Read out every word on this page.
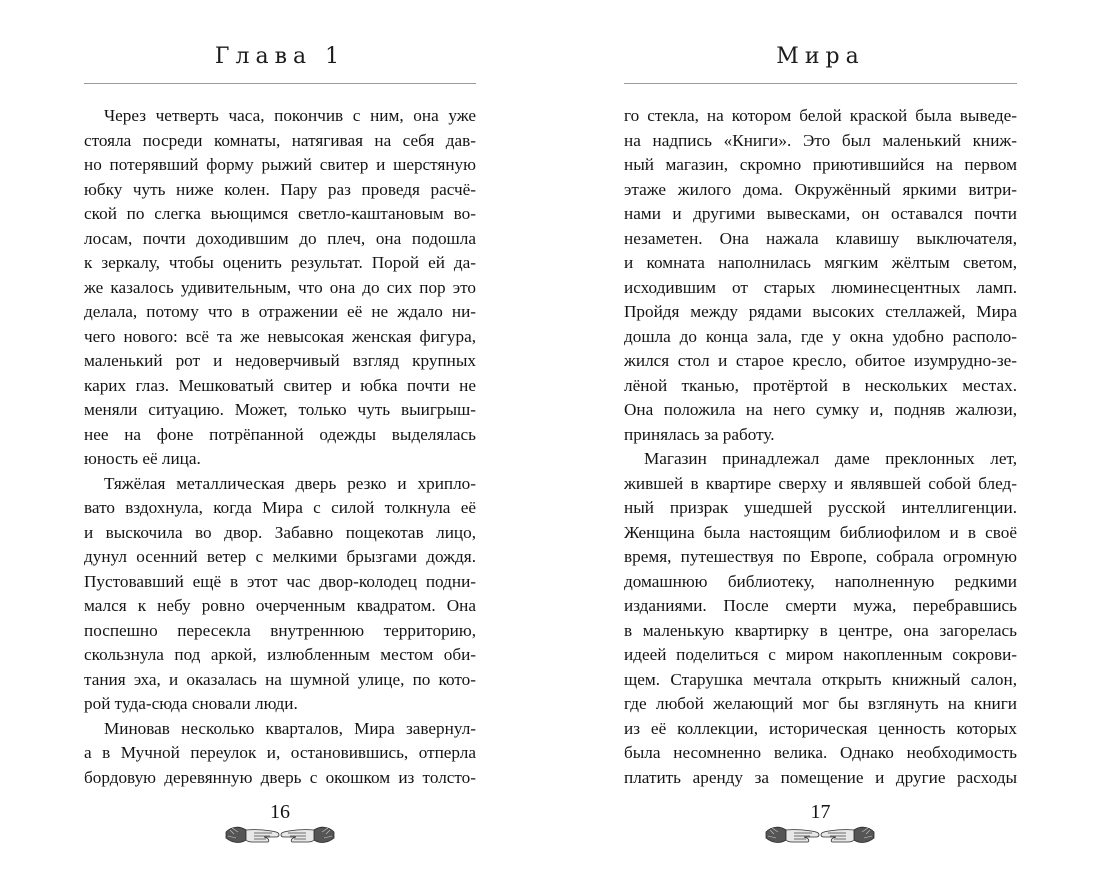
Глава 1
Через четверть часа, покончив с ним, она уже
стояла посреди комнаты, натягивая на себя дав-
но потерявший форму рыжий свитер и шерстяную
юбку чуть ниже колен. Пару раз проведя расчё-
ской по слегка вьющимся светло-каштановым во-
лосам, почти доходившим до плеч, она подошла
к зеркалу, чтобы оценить результат. Порой ей да-
же казалось удивительным, что она до сих пор это
делала, потому что в отражении её не ждало ни-
чего нового: всё та же невысокая женская фигура,
маленький рот и недоверчивый взгляд крупных
карих глаз. Мешковатый свитер и юбка почти не
меняли ситуацию. Может, только чуть выигрыш-
нее на фоне потрёпанной одежды выделялась
юность её лица.
Тяжёлая металлическая дверь резко и хрипло-
вато вздохнула, когда Мира с силой толкнула её
и выскочила во двор. Забавно пощекотав лицо,
дунул осенний ветер с мелкими брызгами дождя.
Пустовавший ещё в этот час двор-колодец подни-
мался к небу ровно очерченным квадратом. Она
поспешно пересекла внутреннюю территорию,
скользнула под аркой, излюбленным местом оби-
тания эха, и оказалась на шумной улице, по кото-
рой туда-сюда сновали люди.
Миновав несколько кварталов, Мира завернул-
а в Мучной переулок и, остановившись, отперла
бордовую деревянную дверь с окошком из толсто-
16
Мира
го стекла, на котором белой краской была выведе-
на надпись «Книги». Это был маленький книж-
ный магазин, скромно приютившийся на первом
этаже жилого дома. Окружённый яркими витри-
нами и другими вывесками, он оставался почти
незаметен. Она нажала клавишу выключателя,
и комната наполнилась мягким жёлтым светом,
исходившим от старых люминесцентных ламп.
Пройдя между рядами высоких стеллажей, Мира
дошла до конца зала, где у окна удобно располо-
жился стол и старое кресло, обитое изумрудно-зе-
лёной тканью, протёртой в нескольких местах.
Она положила на него сумку и, подняв жалюзи,
принялась за работу.
Магазин принадлежал даме преклонных лет,
жившей в квартире сверху и являвшей собой блед-
ный призрак ушедшей русской интеллигенции.
Женщина была настоящим библиофилом и в своё
время, путешествуя по Европе, собрала огромную
домашнюю библиотеку, наполненную редкими
изданиями. После смерти мужа, перебравшись
в маленькую квартирку в центре, она загорелась
идеей поделиться с миром накопленным сокрови-
щем. Старушка мечтала открыть книжный салон,
где любой желающий мог бы взглянуть на книги
из её коллекции, историческая ценность которых
была несомненно велика. Однако необходимость
платить аренду за помещение и другие расходы
17
